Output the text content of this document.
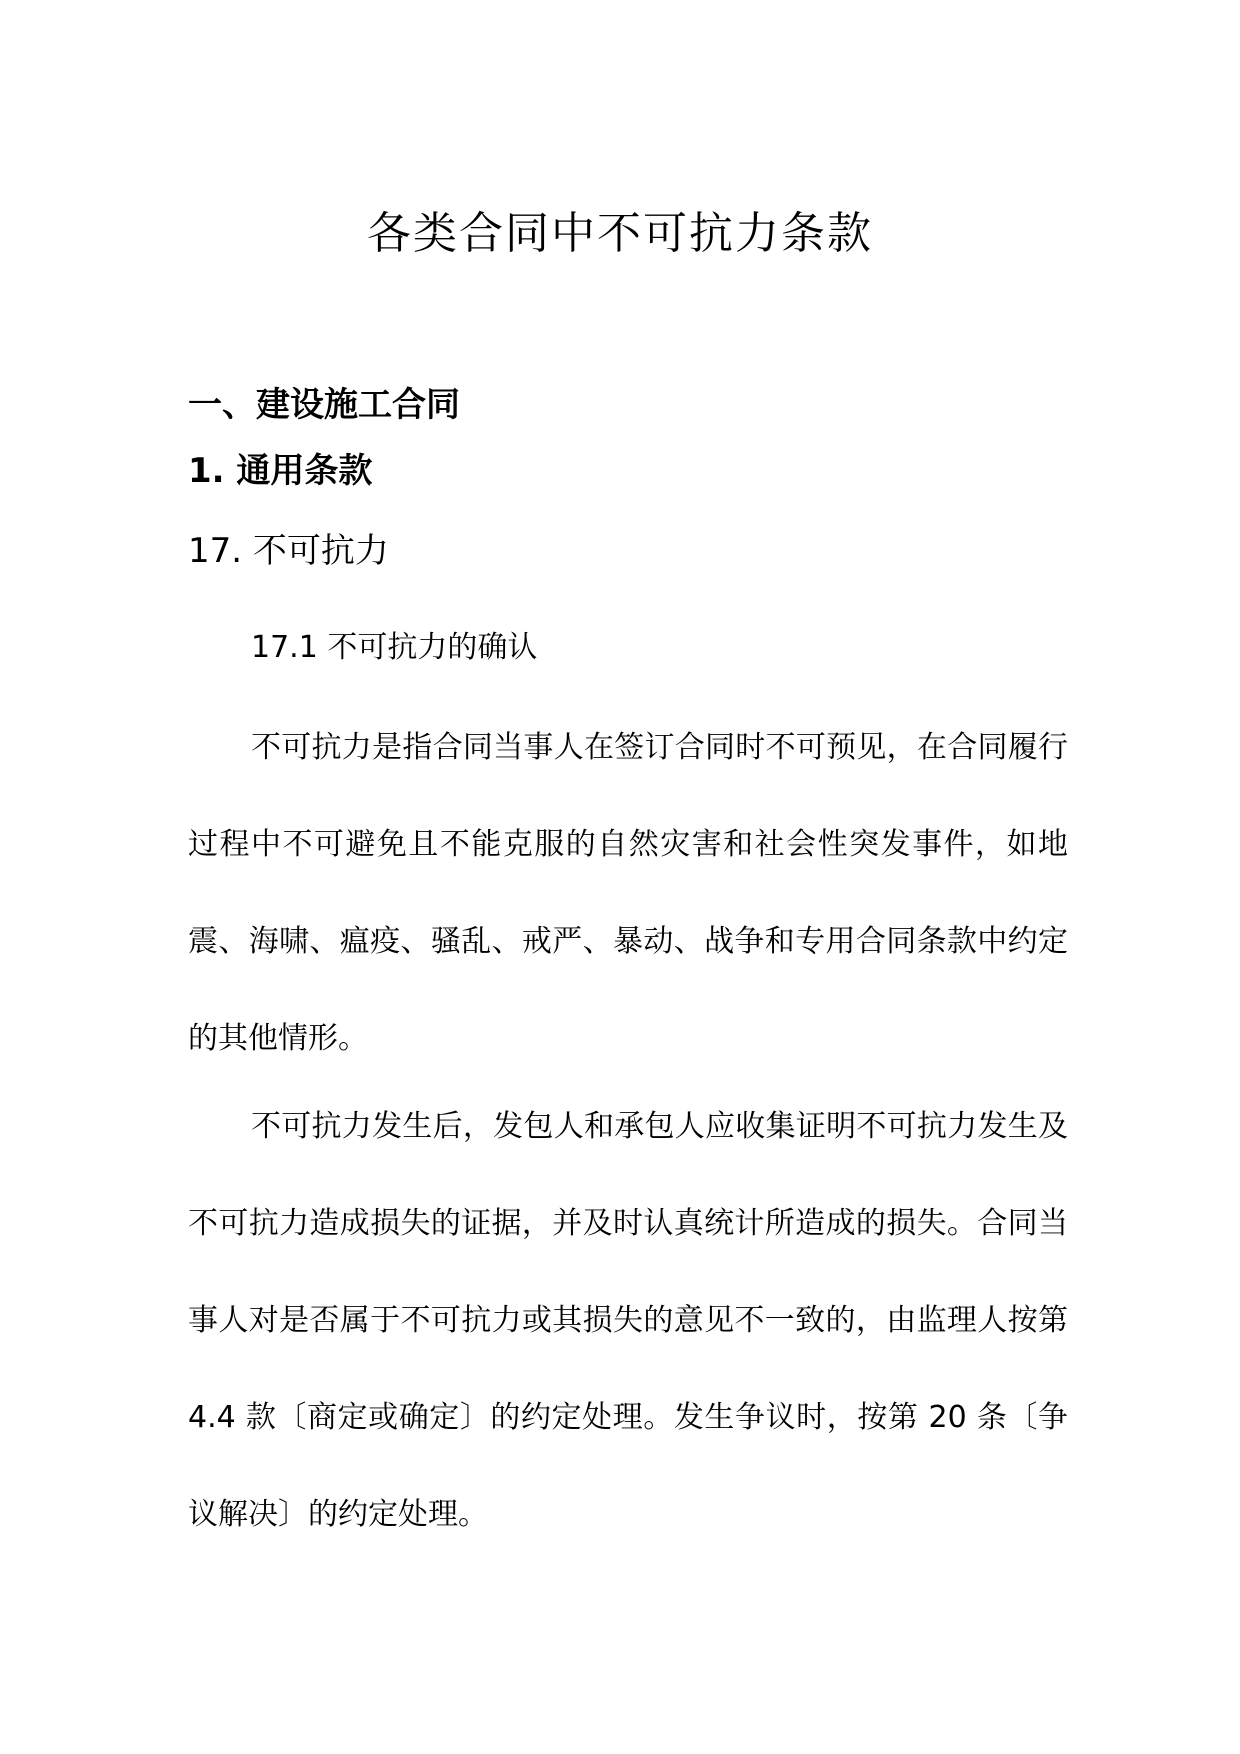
各类合同中不可抗力条款
一、建设施工合同
1. 通用条款
17. 不可抗力
17.1 不可抗力的确认

不可抗力是指合同当事人在签订合同时不可预见，在合同履行过程中不可避免且不能克服的自然灾害和社会性突发事件，如地震、海啸、瘟疫、骚乱、戒严、暴动、战争和专用合同条款中约定的其他情形。

不可抗力发生后，发包人和承包人应收集证明不可抗力发生及不可抗力造成损失的证据，并及时认真统计所造成的损失。合同当事人对是否属于不可抗力或其损失的意见不一致的，由监理人按第 4.4 款〔商定或确定〕的约定处理。发生争议时，按第 20 条〔争议解决〕的约定处理。
